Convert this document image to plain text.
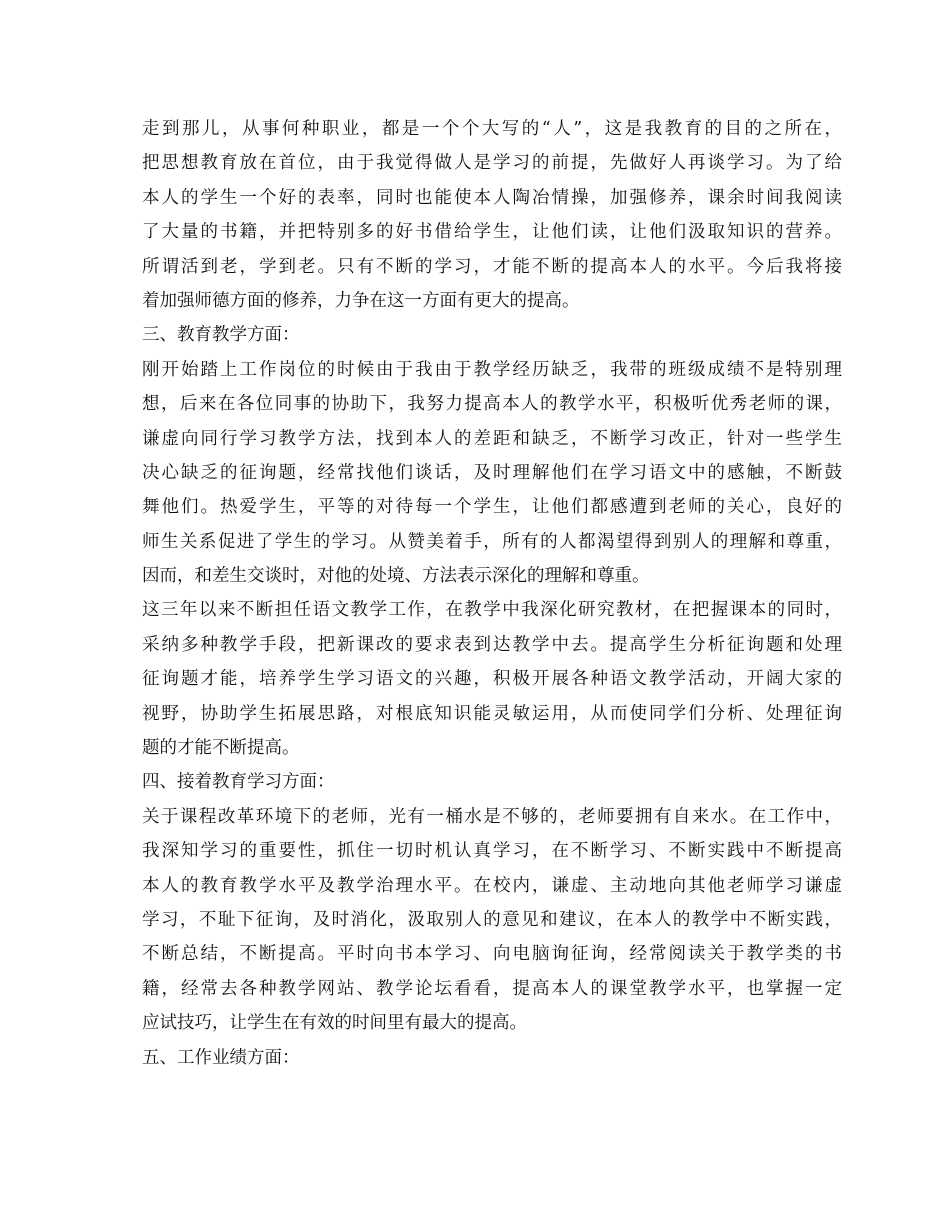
走到那儿，从事何种职业，都是一个个大写的“人”，这是我教育的目的之所在，
把思想教育放在首位，由于我觉得做人是学习的前提，先做好人再谈学习。为了给
本人的学生一个好的表率，同时也能使本人陶冶情操，加强修养，课余时间我阅读
了大量的书籍，并把特别多的好书借给学生，让他们读，让他们汲取知识的营养。
所谓活到老，学到老。只有不断的学习，才能不断的提高本人的水平。今后我将接
着加强师德方面的修养，力争在这一方面有更大的提高。
三、教育教学方面：
刚开始踏上工作岗位的时候由于我由于教学经历缺乏，我带的班级成绩不是特别理
想，后来在各位同事的协助下，我努力提高本人的教学水平，积极听优秀老师的课，
谦虚向同行学习教学方法，找到本人的差距和缺乏，不断学习改正，针对一些学生
决心缺乏的征询题，经常找他们谈话，及时理解他们在学习语文中的感触，不断鼓
舞他们。热爱学生，平等的对待每一个学生，让他们都感遭到老师的关心，良好的
师生关系促进了学生的学习。从赞美着手，所有的人都渴望得到别人的理解和尊重，
因而，和差生交谈时，对他的处境、方法表示深化的理解和尊重。
这三年以来不断担任语文教学工作，在教学中我深化研究教材，在把握课本的同时，
采纳多种教学手段，把新课改的要求表到达教学中去。提高学生分析征询题和处理
征询题才能，培养学生学习语文的兴趣，积极开展各种语文教学活动，开阔大家的
视野，协助学生拓展思路，对根底知识能灵敏运用，从而使同学们分析、处理征询
题的才能不断提高。
四、接着教育学习方面：
关于课程改革环境下的老师，光有一桶水是不够的，老师要拥有自来水。在工作中，
我深知学习的重要性，抓住一切时机认真学习，在不断学习、不断实践中不断提高
本人的教育教学水平及教学治理水平。在校内，谦虚、主动地向其他老师学习谦虚
学习，不耻下征询，及时消化，汲取别人的意见和建议，在本人的教学中不断实践，
不断总结，不断提高。平时向书本学习、向电脑询征询，经常阅读关于教学类的书
籍，经常去各种教学网站、教学论坛看看，提高本人的课堂教学水平，也掌握一定
应试技巧，让学生在有效的时间里有最大的提高。
五、工作业绩方面：
